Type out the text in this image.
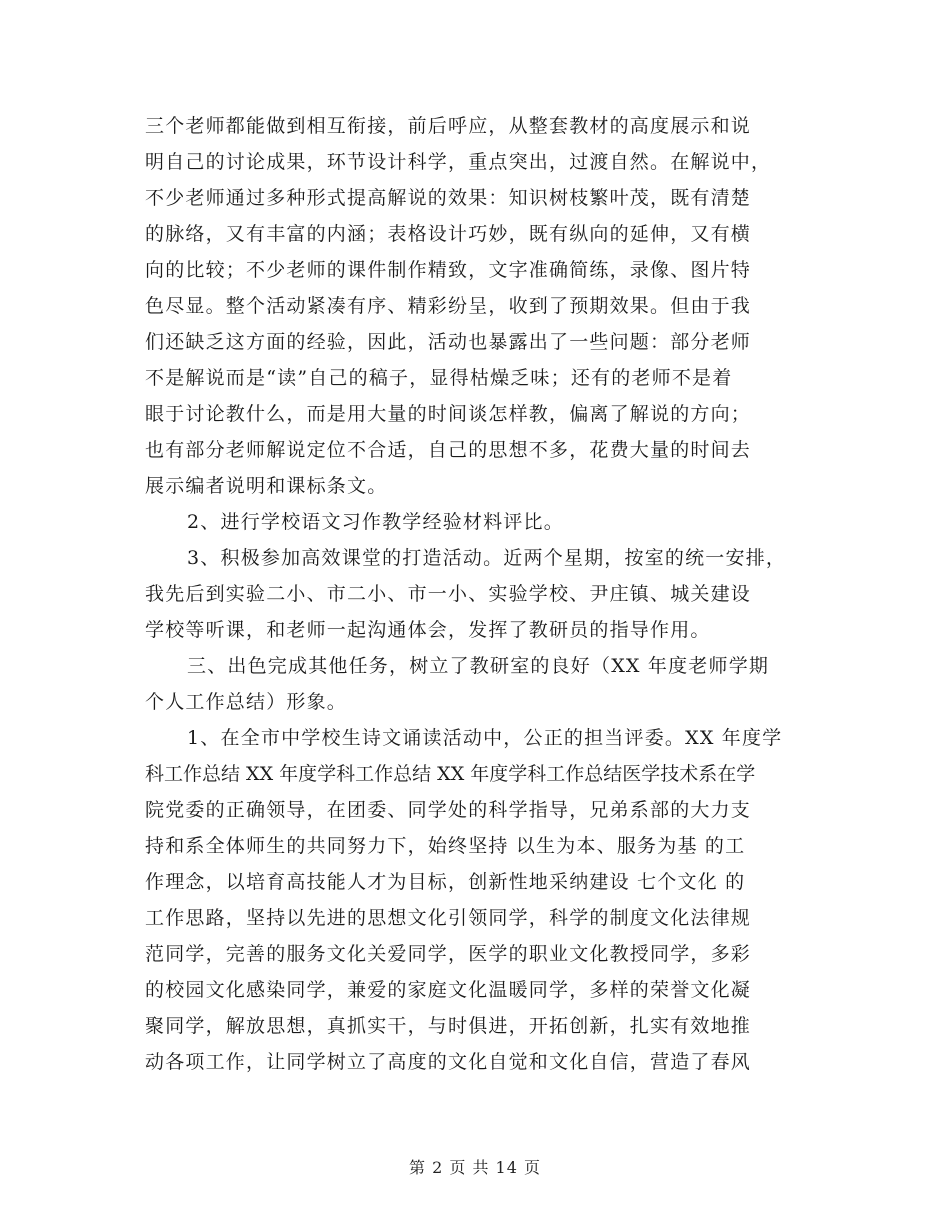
三个老师都能做到相互衔接，前后呼应，从整套教材的高度展示和说
明自己的讨论成果，环节设计科学，重点突出，过渡自然。在解说中，
不少老师通过多种形式提高解说的效果：知识树枝繁叶茂，既有清楚
的脉络，又有丰富的内涵；表格设计巧妙，既有纵向的延伸，又有横
向的比较；不少老师的课件制作精致，文字准确简练，录像、图片特
色尽显。整个活动紧凑有序、精彩纷呈，收到了预期效果。但由于我
们还缺乏这方面的经验，因此，活动也暴露出了一些问题：部分老师
不是解说而是“读”自己的稿子，显得枯燥乏味；还有的老师不是着
眼于讨论教什么，而是用大量的时间谈怎样教，偏离了解说的方向；
也有部分老师解说定位不合适，自己的思想不多，花费大量的时间去
展示编者说明和课标条文。
2、进行学校语文习作教学经验材料评比。
3、积极参加高效课堂的打造活动。近两个星期，按室的统一安排，
我先后到实验二小、市二小、市一小、实验学校、尹庄镇、城关建设
学校等听课，和老师一起沟通体会，发挥了教研员的指导作用。
三、出色完成其他任务，树立了教研室的良好（XX 年度老师学期
个人工作总结）形象。
1、在全市中学校生诗文诵读活动中，公正的担当评委。XX 年度学
科工作总结 XX 年度学科工作总结 XX 年度学科工作总结医学技术系在学
院党委的正确领导，在团委、同学处的科学指导，兄弟系部的大力支
持和系全体师生的共同努力下，始终坚持 以生为本、服务为基 的工
作理念，以培育高技能人才为目标，创新性地采纳建设 七个文化 的
工作思路，坚持以先进的思想文化引领同学，科学的制度文化法律规
范同学，完善的服务文化关爱同学，医学的职业文化教授同学，多彩
的校园文化感染同学，兼爱的家庭文化温暖同学，多样的荣誉文化凝
聚同学，解放思想，真抓实干，与时俱进，开拓创新，扎实有效地推
动各项工作，让同学树立了高度的文化自觉和文化自信，营造了春风
第 2 页 共 14 页
